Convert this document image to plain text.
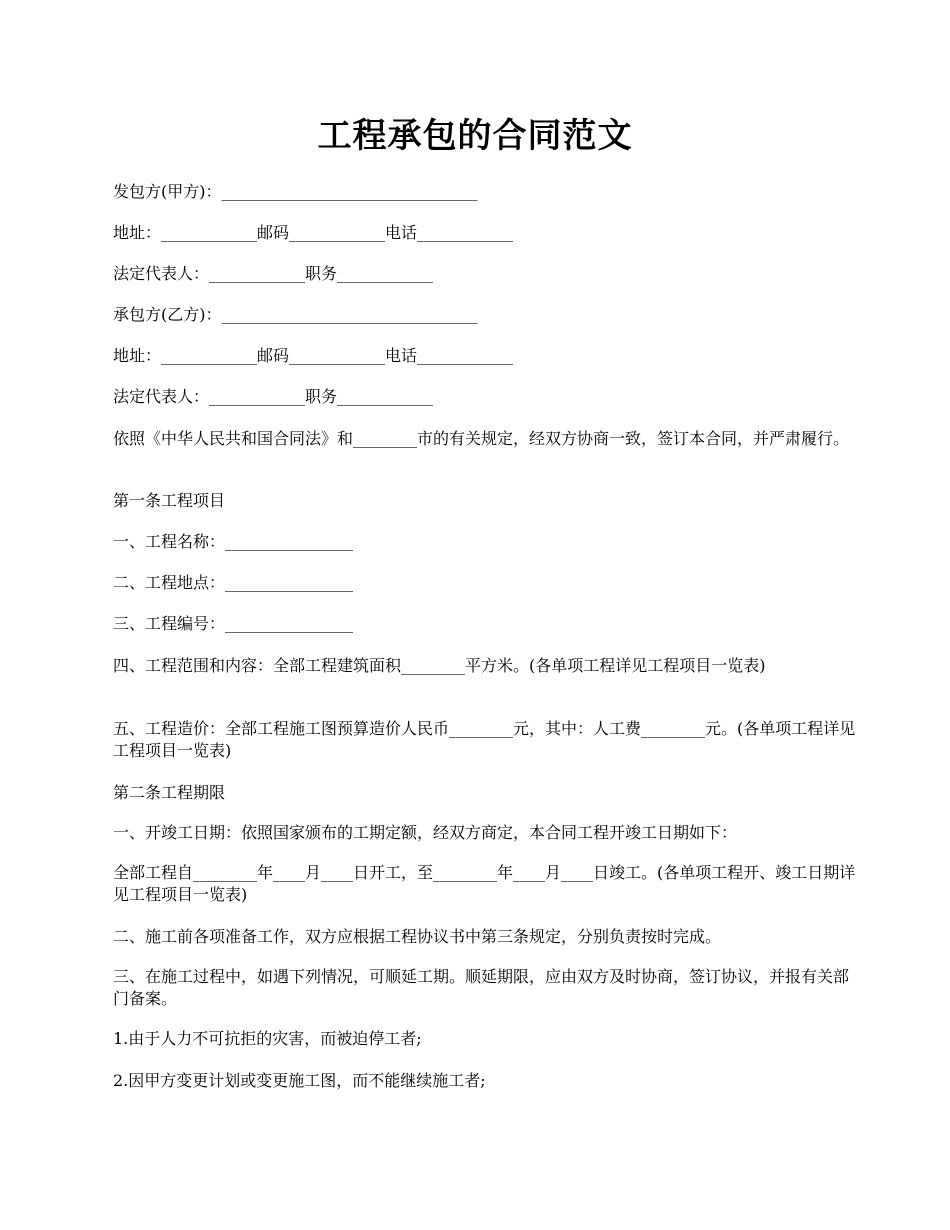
工程承包的合同范文
发包方(甲方)：________________________________
地址：____________邮码____________电话____________
法定代表人：____________职务____________
承包方(乙方)：________________________________
地址：____________邮码____________电话____________
法定代表人：____________职务____________
依照《中华人民共和国合同法》和________市的有关规定，经双方协商一致，签订本合同，并严肃履行。
第一条工程项目
一、工程名称：________________
二、工程地点：________________
三、工程编号：________________
四、工程范围和内容：全部工程建筑面积________平方米。(各单项工程详见工程项目一览表)
五、工程造价：全部工程施工图预算造价人民币________元，其中：人工费________元。(各单项工程详见工程项目一览表)
第二条工程期限
一、开竣工日期：依照国家颁布的工期定额，经双方商定，本合同工程开竣工日期如下：
全部工程自________年____月____日开工，至________年____月____日竣工。(各单项工程开、竣工日期详见工程项目一览表)
二、施工前各项准备工作，双方应根据工程协议书中第三条规定，分别负责按时完成。
三、在施工过程中，如遇下列情况，可顺延工期。顺延期限，应由双方及时协商，签订协议，并报有关部门备案。
1.由于人力不可抗拒的灾害，而被迫停工者;
2.因甲方变更计划或变更施工图，而不能继续施工者;
